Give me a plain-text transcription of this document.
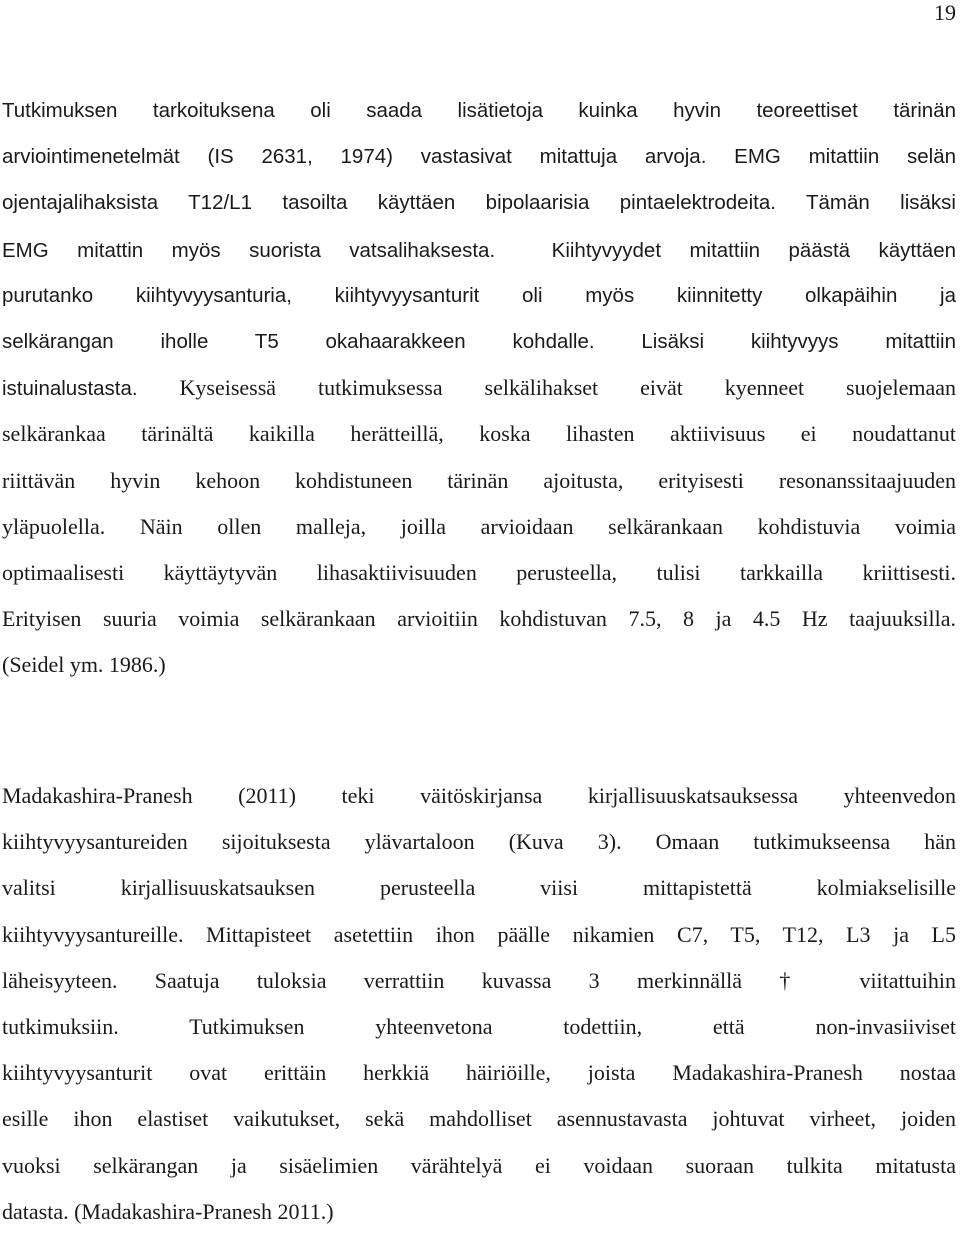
19
Tutkimuksen tarkoituksena oli saada lisätietoja kuinka hyvin teoreettiset tärinän
arviointimenetelmät (IS 2631, 1974) vastasivat mitattuja arvoja. EMG mitattiin selän
ojentajalihaksista T12/L1 tasoilta käyttäen bipolaarisia pintaelektrodeita. Tämän lisäksi
EMG mitattin myös suorista vatsalihaksesta.	Kiihtyvyydet mitattiin päästä käyttäen
purutanko kiihtyvyysanturia, kiihtyvyysanturit oli myös kiinnitetty olkapäihin ja
selkärangan iholle T5 okahaarakkeen kohdalle. Lisäksi kiihtyvyys mitattiin
istuinalustasta. Kyseisessä tutkimuksessa selkälihakset eivät kyenneet suojelemaan
selkärankaa tärinältä kaikilla herätteillä, koska lihasten aktiivisuus ei noudattanut
riittävän hyvin kehoon kohdistuneen tärinän ajoitusta, erityisesti resonanssitaajuuden
yläpuolella. Näin ollen malleja, joilla arvioidaan selkärankaan kohdistuvia voimia
optimaalisesti käyttäytyvän lihasaktiivisuuden perusteella, tulisi tarkkailla kriittisesti.
Erityisen suuria voimia selkärankaan arvioitiin kohdistuvan 7.5, 8 ja 4.5 Hz taajuuksilla.
(Seidel ym. 1986.)
Madakashira-Pranesh (2011) teki väitöskirjansa kirjallisuuskatsauksessa yhteenvedon
kiihtyvyysantureiden sijoituksesta ylävartaloon (Kuva 3). Omaan tutkimukseensa hän
valitsi kirjallisuuskatsauksen perusteella viisi mittapistettä kolmiakselisille
kiihtyvyysantureille. Mittapisteet asetettiin ihon päälle nikamien C7, T5, T12, L3 ja L5
läheisyyteen. Saatuja tuloksia verrattiin kuvassa 3 merkinnällä † viitattuihin
tutkimuksiin. Tutkimuksen yhteenvetona todettiin, että non-invasiiviset
kiihtyvyysanturit ovat erittäin herkkiä häiriöille, joista Madakashira-Pranesh nostaa
esille ihon elastiset vaikutukset, sekä mahdolliset asennustavasta johtuvat virheet, joiden
vuoksi selkärangan ja sisäelimien värähtelyä ei voidaan suoraan tulkita mitatusta
datasta. (Madakashira-Pranesh 2011.)
